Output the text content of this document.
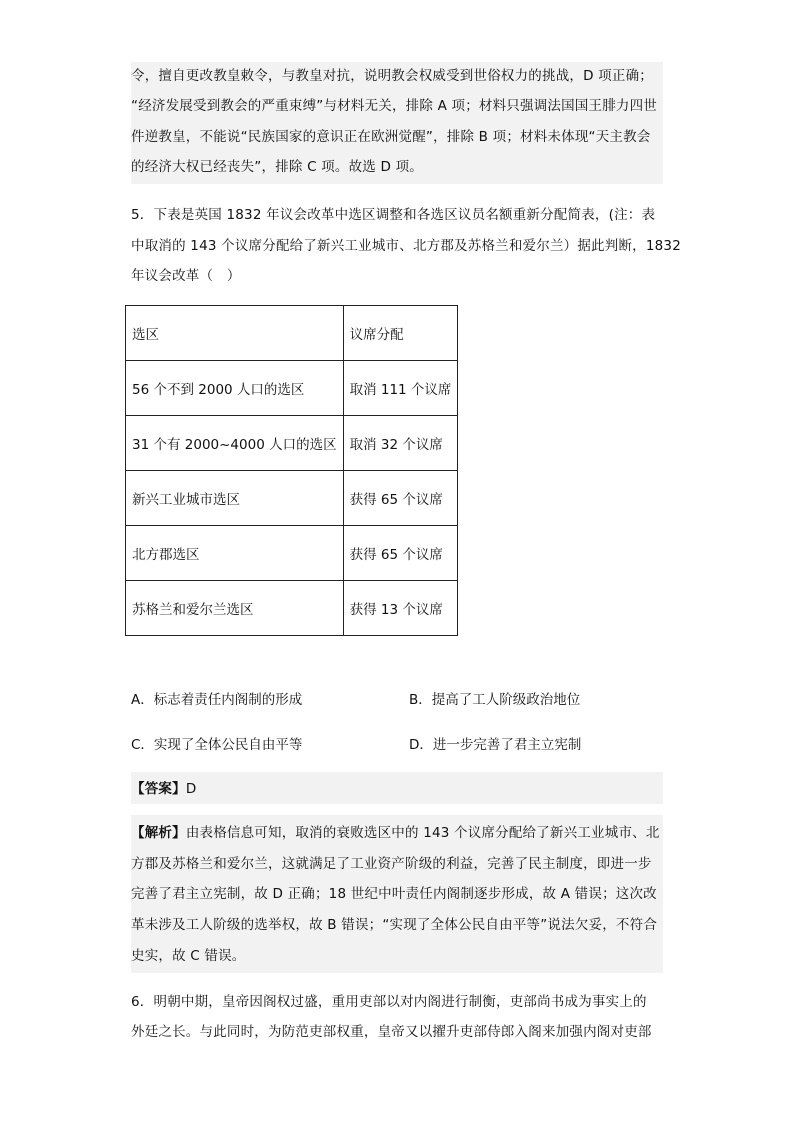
令，擅自更改教皇敕令，与教皇对抗，说明教会权威受到世俗权力的挑战，D 项正确；
“经济发展受到教会的严重束缚”与材料无关，排除 A 项；材料只强调法国国王腓力四世
件逆教皇，不能说“民族国家的意识正在欧洲觉醒”，排除 B 项；材料未体现“天主教会
的经济大权已经丧失”，排除 C 项。故选 D 项。
5．下表是英国 1832 年议会改革中选区调整和各选区议员名额重新分配简表，(注：表
中取消的 143 个议席分配给了新兴工业城市、北方郡及苏格兰和爱尔兰）据此判断，1832
年议会改革（　）
选区	议席分配
56 个不到 2000 人口的选区	取消 111 个议席
31 个有 2000~4000 人口的选区	取消 32 个议席
新兴工业城市选区	获得 65 个议席
北方郡选区	获得 65 个议席
苏格兰和爱尔兰选区	获得 13 个议席
A．标志着责任内阁制的形成	B．提高了工人阶级政治地位
C．实现了全体公民自由平等	D．进一步完善了君主立宪制
【答案】D
【解析】由表格信息可知，取消的衰败选区中的 143 个议席分配给了新兴工业城市、北
方郡及苏格兰和爱尔兰，这就满足了工业资产阶级的利益，完善了民主制度，即进一步
完善了君主立宪制，故 D 正确；18 世纪中叶责任内阁制逐步形成，故 A 错误；这次改
革未涉及工人阶级的选举权，故 B 错误；“实现了全体公民自由平等”说法欠妥，不符合
史实，故 C 错误。
6．明朝中期，皇帝因阁权过盛，重用吏部以对内阁进行制衡，吏部尚书成为事实上的
外廷之长。与此同时，为防范吏部权重，皇帝又以擢升吏部侍郎入阁来加强内阁对吏部
